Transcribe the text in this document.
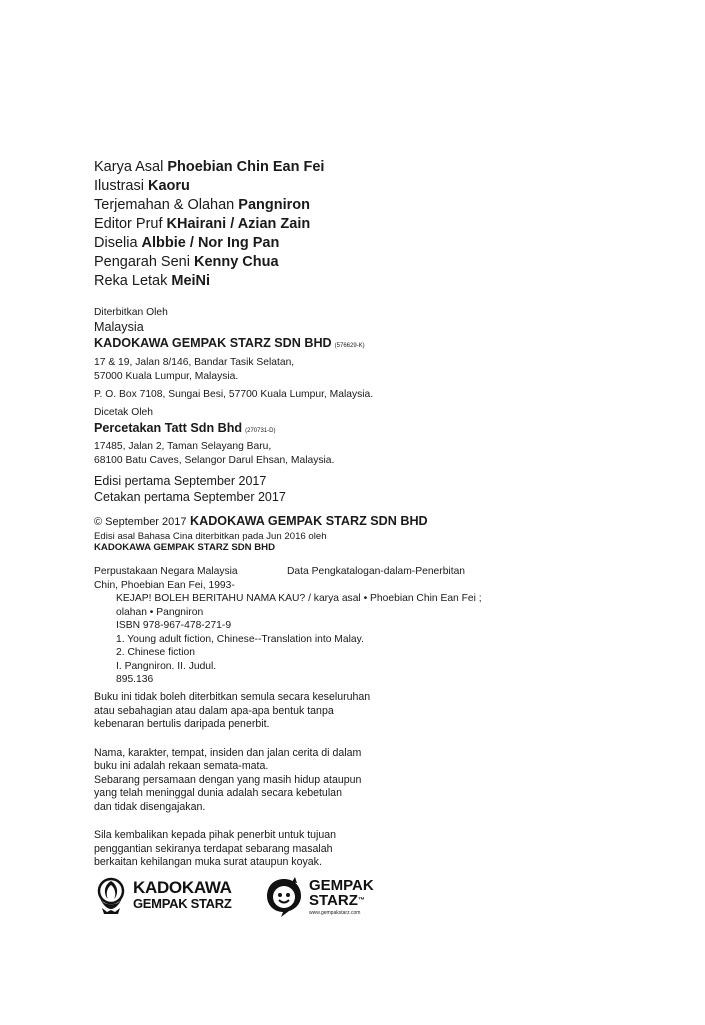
Karya Asal Phoebian Chin Ean Fei
Ilustrasi Kaoru
Terjemahan & Olahan Pangniron
Editor Pruf KHairani / Azian Zain
Diselia Albbie / Nor Ing Pan
Pengarah Seni Kenny Chua
Reka Letak MeiNi
Diterbitkan Oleh
Malaysia
KADOKAWA GEMPAK STARZ SDN BHD (576629-K)
17 & 19, Jalan 8/146, Bandar Tasik Selatan,
57000 Kuala Lumpur, Malaysia.
P. O. Box 7108, Sungai Besi, 57700 Kuala Lumpur, Malaysia.
Dicetak Oleh
Percetakan Tatt Sdn Bhd (270731-D)
17485, Jalan 2, Taman Selayang Baru,
68100 Batu Caves, Selangor Darul Ehsan, Malaysia.
Edisi pertama September 2017
Cetakan pertama September 2017
© September 2017 KADOKAWA GEMPAK STARZ SDN BHD
Edisi asal Bahasa Cina diterbitkan pada Jun 2016 oleh
KADOKAWA GEMPAK STARZ SDN BHD
Perpustakaan Negara Malaysia	Data Pengkatalogan-dalam-Penerbitan
Chin, Phoebian Ean Fei, 1993-
KEJAP! BOLEH BERITAHU NAMA KAU? / karya asal • Phoebian Chin Ean Fei ;
olahan • Pangniron
ISBN 978-967-478-271-9
1. Young adult fiction, Chinese--Translation into Malay.
2. Chinese fiction
I. Pangniron. II. Judul.
895.136
Buku ini tidak boleh diterbitkan semula secara keseluruhan
atau sebahagian atau dalam apa-apa bentuk tanpa
kebenaran bertulis daripada penerbit.
Nama, karakter, tempat, insiden dan jalan cerita di dalam
buku ini adalah rekaan semata-mata.
Sebarang persamaan dengan yang masih hidup ataupun
yang telah meninggal dunia adalah secara kebetulan
dan tidak disengajakan.
Sila kembalikan kepada pihak penerbit untuk tujuan
penggantian sekiranya terdapat sebarang masalah
berkaitan kehilangan muka surat ataupun koyak.
KADOKAWA
GEMPAK STARZ
GEMPAK
STARZ™
www.gempakstarz.com
